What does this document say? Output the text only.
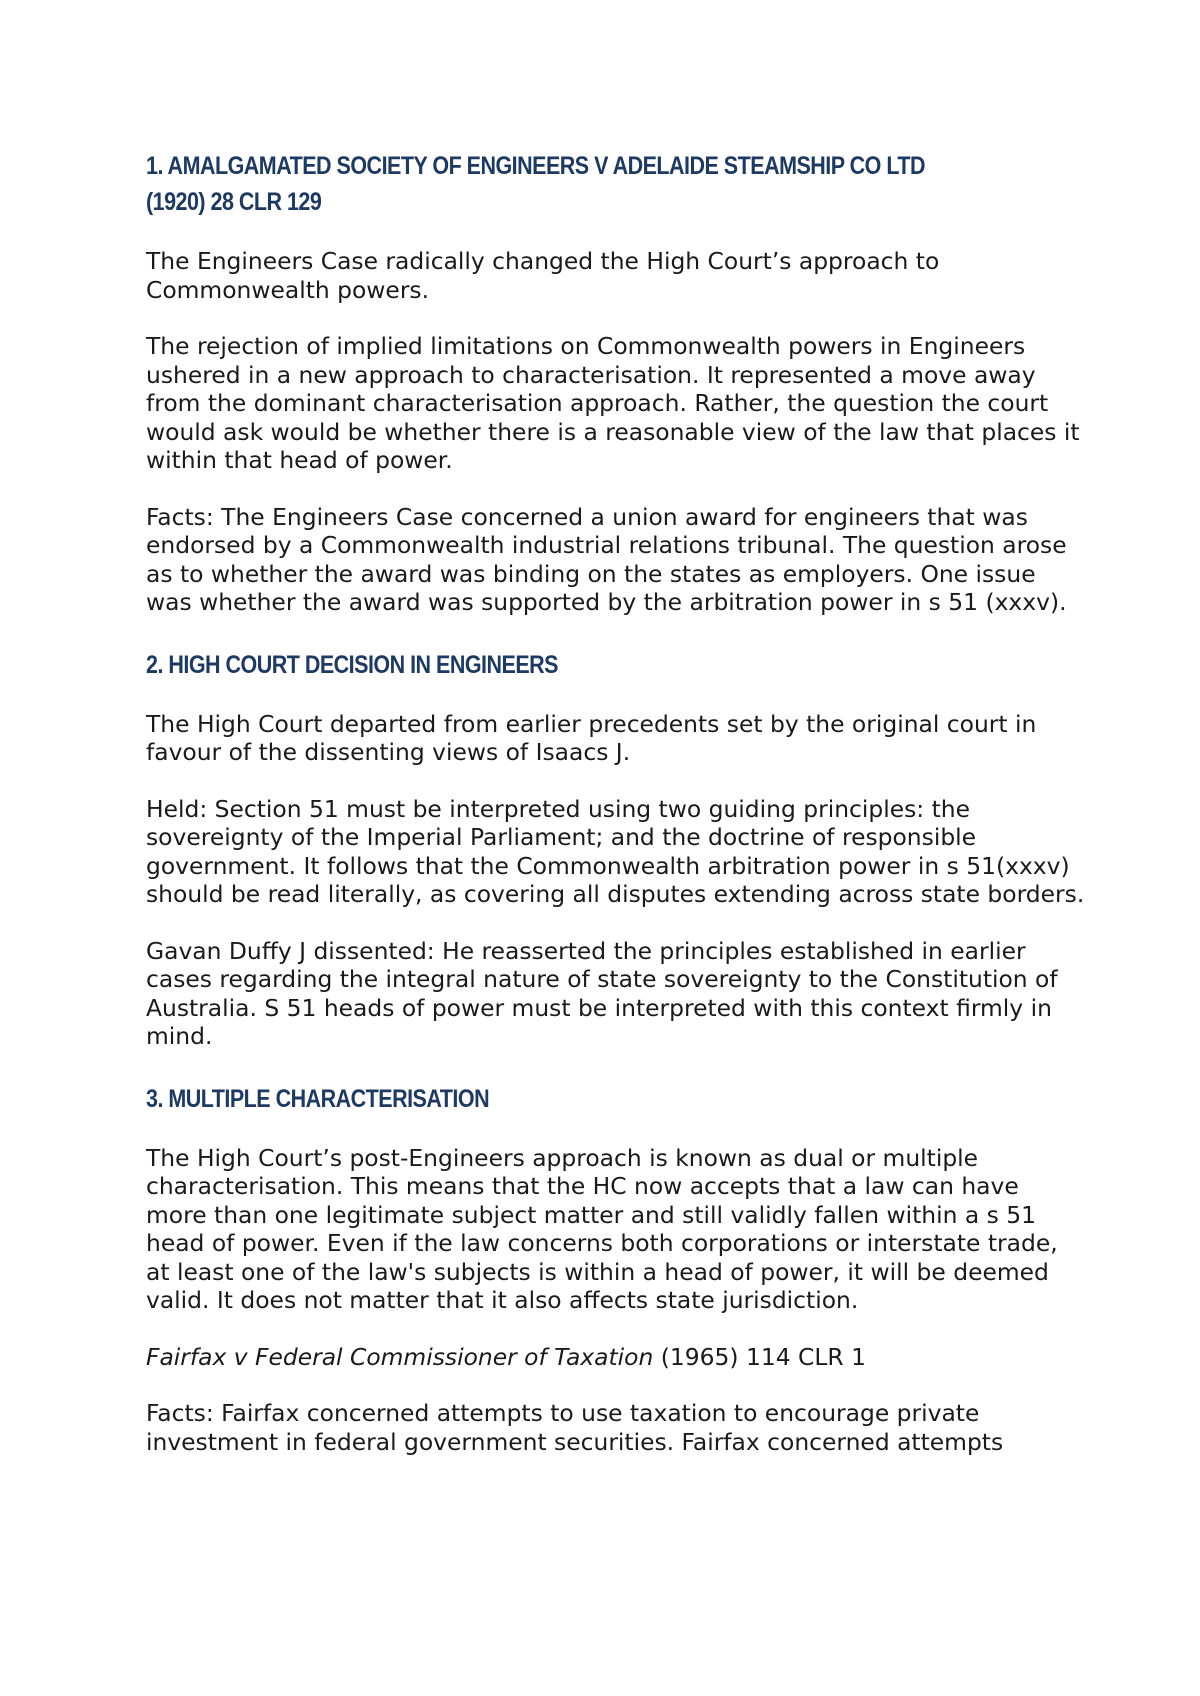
1. AMALGAMATED SOCIETY OF ENGINEERS V ADELAIDE STEAMSHIP CO LTD (1920) 28 CLR 129

The Engineers Case radically changed the High Court’s approach to Commonwealth powers.

The rejection of implied limitations on Commonwealth powers in Engineers ushered in a new approach to characterisation. It represented a move away from the dominant characterisation approach. Rather, the question the court would ask would be whether there is a reasonable view of the law that places it within that head of power.

Facts: The Engineers Case concerned a union award for engineers that was endorsed by a Commonwealth industrial relations tribunal. The question arose as to whether the award was binding on the states as employers. One issue was whether the award was supported by the arbitration power in s 51 (xxxv).

2. HIGH COURT DECISION IN ENGINEERS

The High Court departed from earlier precedents set by the original court in favour of the dissenting views of Isaacs J.

Held: Section 51 must be interpreted using two guiding principles: the sovereignty of the Imperial Parliament; and the doctrine of responsible government. It follows that the Commonwealth arbitration power in s 51(xxxv) should be read literally, as covering all disputes extending across state borders.

Gavan Duffy J dissented: He reasserted the principles established in earlier cases regarding the integral nature of state sovereignty to the Constitution of Australia. S 51 heads of power must be interpreted with this context firmly in mind.

3. MULTIPLE CHARACTERISATION

The High Court’s post-Engineers approach is known as dual or multiple characterisation. This means that the HC now accepts that a law can have more than one legitimate subject matter and still validly fallen within a s 51 head of power. Even if the law concerns both corporations or interstate trade, at least one of the law's subjects is within a head of power, it will be deemed valid. It does not matter that it also affects state jurisdiction.

Fairfax v Federal Commissioner of Taxation (1965) 114 CLR 1

Facts: Fairfax concerned attempts to use taxation to encourage private investment in federal government securities. Fairfax concerned attempts
